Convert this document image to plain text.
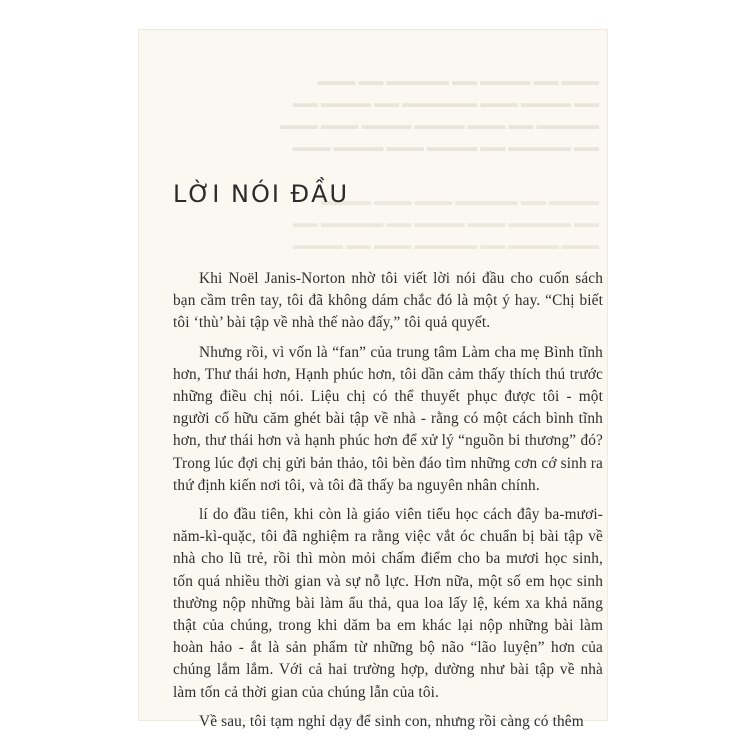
▬▬▬ ▬▬ ▬▬▬▬ ▬▬ ▬▬▬▬▬ ▬▬ ▬▬▬
▬▬ ▬▬▬▬ ▬▬▬ ▬▬▬▬▬▬ ▬▬ ▬▬▬▬ ▬▬
▬▬▬▬▬ ▬▬ ▬▬▬ ▬▬▬▬ ▬▬▬▬ ▬▬▬ ▬▬▬
▬▬ ▬▬▬▬▬ ▬▬ ▬▬▬▬ ▬▬▬ ▬▬▬▬ ▬▬▬
▬▬▬▬ ▬▬ ▬▬▬▬▬ ▬▬▬ ▬▬▬ ▬▬▬▬
▬▬ ▬▬▬▬▬ ▬▬▬ ▬▬▬▬ ▬▬ ▬▬▬▬▬ ▬▬
▬▬▬ ▬▬▬▬ ▬▬ ▬▬▬▬▬ ▬▬▬ ▬▬ ▬▬▬▬
LỜI NÓI ĐẦU

Khi Noël Janis-Norton nhờ tôi viết lời nói đầu cho cuốn sách bạn cầm trên tay, tôi đã không dám chắc đó là một ý hay. “Chị biết tôi ‘thù’ bài tập về nhà thế nào đấy,” tôi quả quyết.

Nhưng rồi, vì vốn là “fan” của trung tâm Làm cha mẹ Bình tĩnh hơn, Thư thái hơn, Hạnh phúc hơn, tôi dần cảm thấy thích thú trước những điều chị nói. Liệu chị có thể thuyết phục được tôi - một người cố hữu căm ghét bài tập về nhà - rằng có một cách bình tĩnh hơn, thư thái hơn và hạnh phúc hơn để xử lý “nguồn bi thương” đó? Trong lúc đợi chị gửi bản thảo, tôi bèn đáo tìm những cơn cớ sinh ra thứ định kiến nơi tôi, và tôi đã thấy ba nguyên nhân chính.

lí do đầu tiên, khi còn là giáo viên tiểu học cách đây ba-mươi-năm-kì-quặc, tôi đã nghiệm ra rằng việc vắt óc chuẩn bị bài tập về nhà cho lũ trẻ, rồi thì mòn mỏi chấm điểm cho ba mươi học sinh, tốn quá nhiều thời gian và sự nỗ lực. Hơn nữa, một số em học sinh thường nộp những bài làm ẩu thả, qua loa lấy lệ, kém xa khả năng thật của chúng, trong khi dăm ba em khác lại nộp những bài làm hoàn hảo - ắt là sản phẩm từ những bộ não “lão luyện” hơn của chúng lắm lắm. Với cả hai trường hợp, dường như bài tập về nhà làm tốn cả thời gian của chúng lẫn của tôi.

Về sau, tôi tạm nghỉ dạy để sinh con, nhưng rồi càng có thêm
